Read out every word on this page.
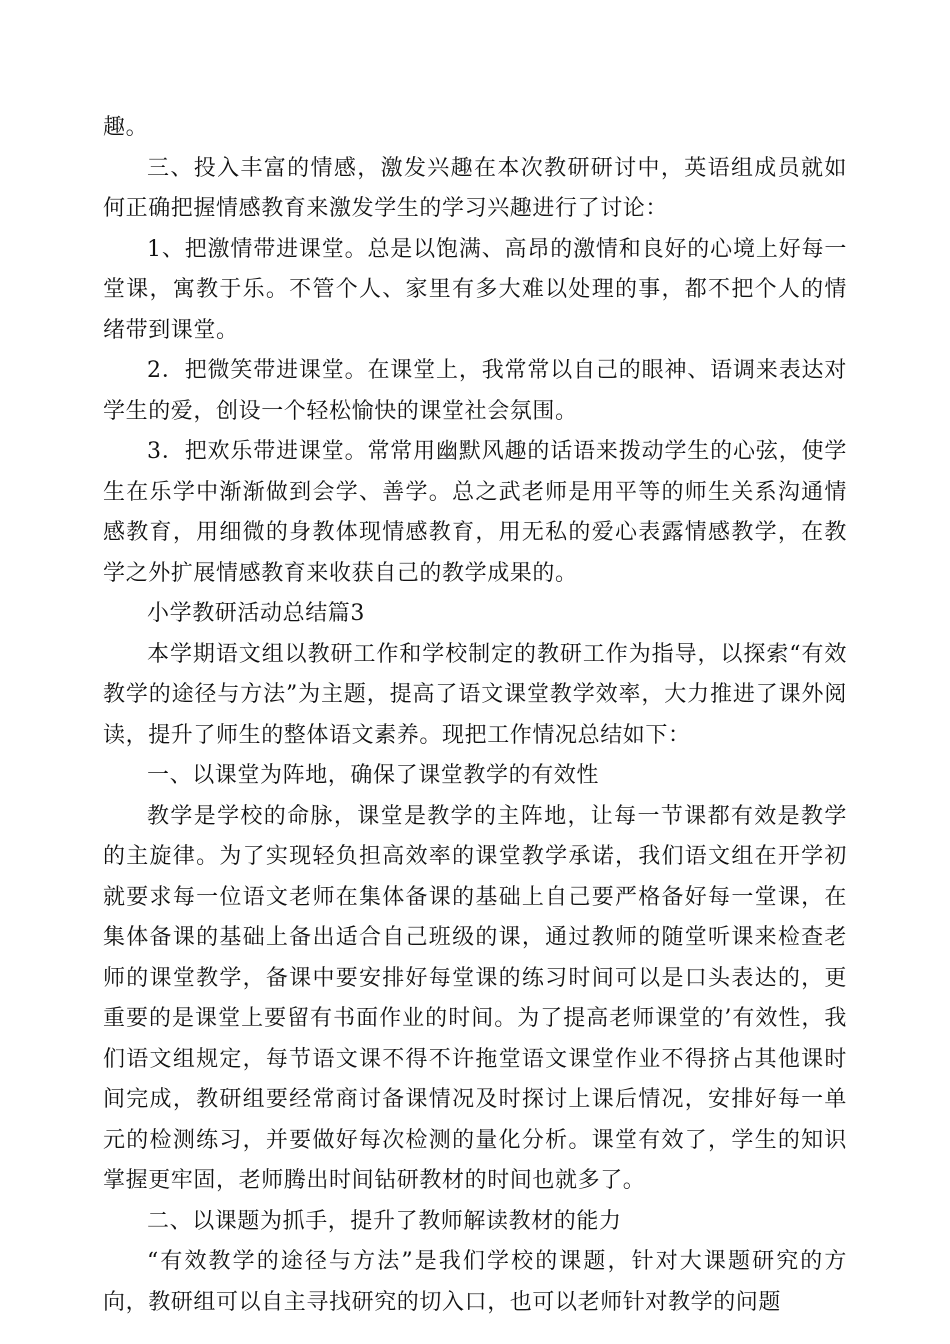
趣。

三、投入丰富的情感，激发兴趣在本次教研研讨中，英语组成员就如何正确把握情感教育来激发学生的学习兴趣进行了讨论：

1、把激情带进课堂。总是以饱满、高昂的激情和良好的心境上好每一堂课，寓教于乐。不管个人、家里有多大难以处理的事，都不把个人的情绪带到课堂。

2．把微笑带进课堂。在课堂上，我常常以自己的眼神、语调来表达对学生的爱，创设一个轻松愉快的课堂社会氛围。

3．把欢乐带进课堂。常常用幽默风趣的话语来拨动学生的心弦，使学生在乐学中渐渐做到会学、善学。总之武老师是用平等的师生关系沟通情感教育，用细微的身教体现情感教育，用无私的爱心表露情感教学，在教学之外扩展情感教育来收获自己的教学成果的。

小学教研活动总结篇3

本学期语文组以教研工作和学校制定的教研工作为指导，以探索“有效教学的途径与方法”为主题，提高了语文课堂教学效率，大力推进了课外阅读，提升了师生的整体语文素养。现把工作情况总结如下：

一、以课堂为阵地，确保了课堂教学的有效性

教学是学校的命脉，课堂是教学的主阵地，让每一节课都有效是教学的主旋律。为了实现轻负担高效率的课堂教学承诺，我们语文组在开学初就要求每一位语文老师在集体备课的基础上自己要严格备好每一堂课，在集体备课的基础上备出适合自己班级的课，通过教师的随堂听课来检查老师的课堂教学，备课中要安排好每堂课的练习时间可以是口头表达的，更重要的是课堂上要留有书面作业的时间。为了提高老师课堂的’有效性，我们语文组规定，每节语文课不得不许拖堂语文课堂作业不得挤占其他课时间完成，教研组要经常商讨备课情况及时探讨上课后情况，安排好每一单元的检测练习，并要做好每次检测的量化分析。课堂有效了，学生的知识掌握更牢固，老师腾出时间钻研教材的时间也就多了。

二、以课题为抓手，提升了教师解读教材的能力

“有效教学的途径与方法”是我们学校的课题，针对大课题研究的方向，教研组可以自主寻找研究的切入口，也可以老师针对教学的问题
